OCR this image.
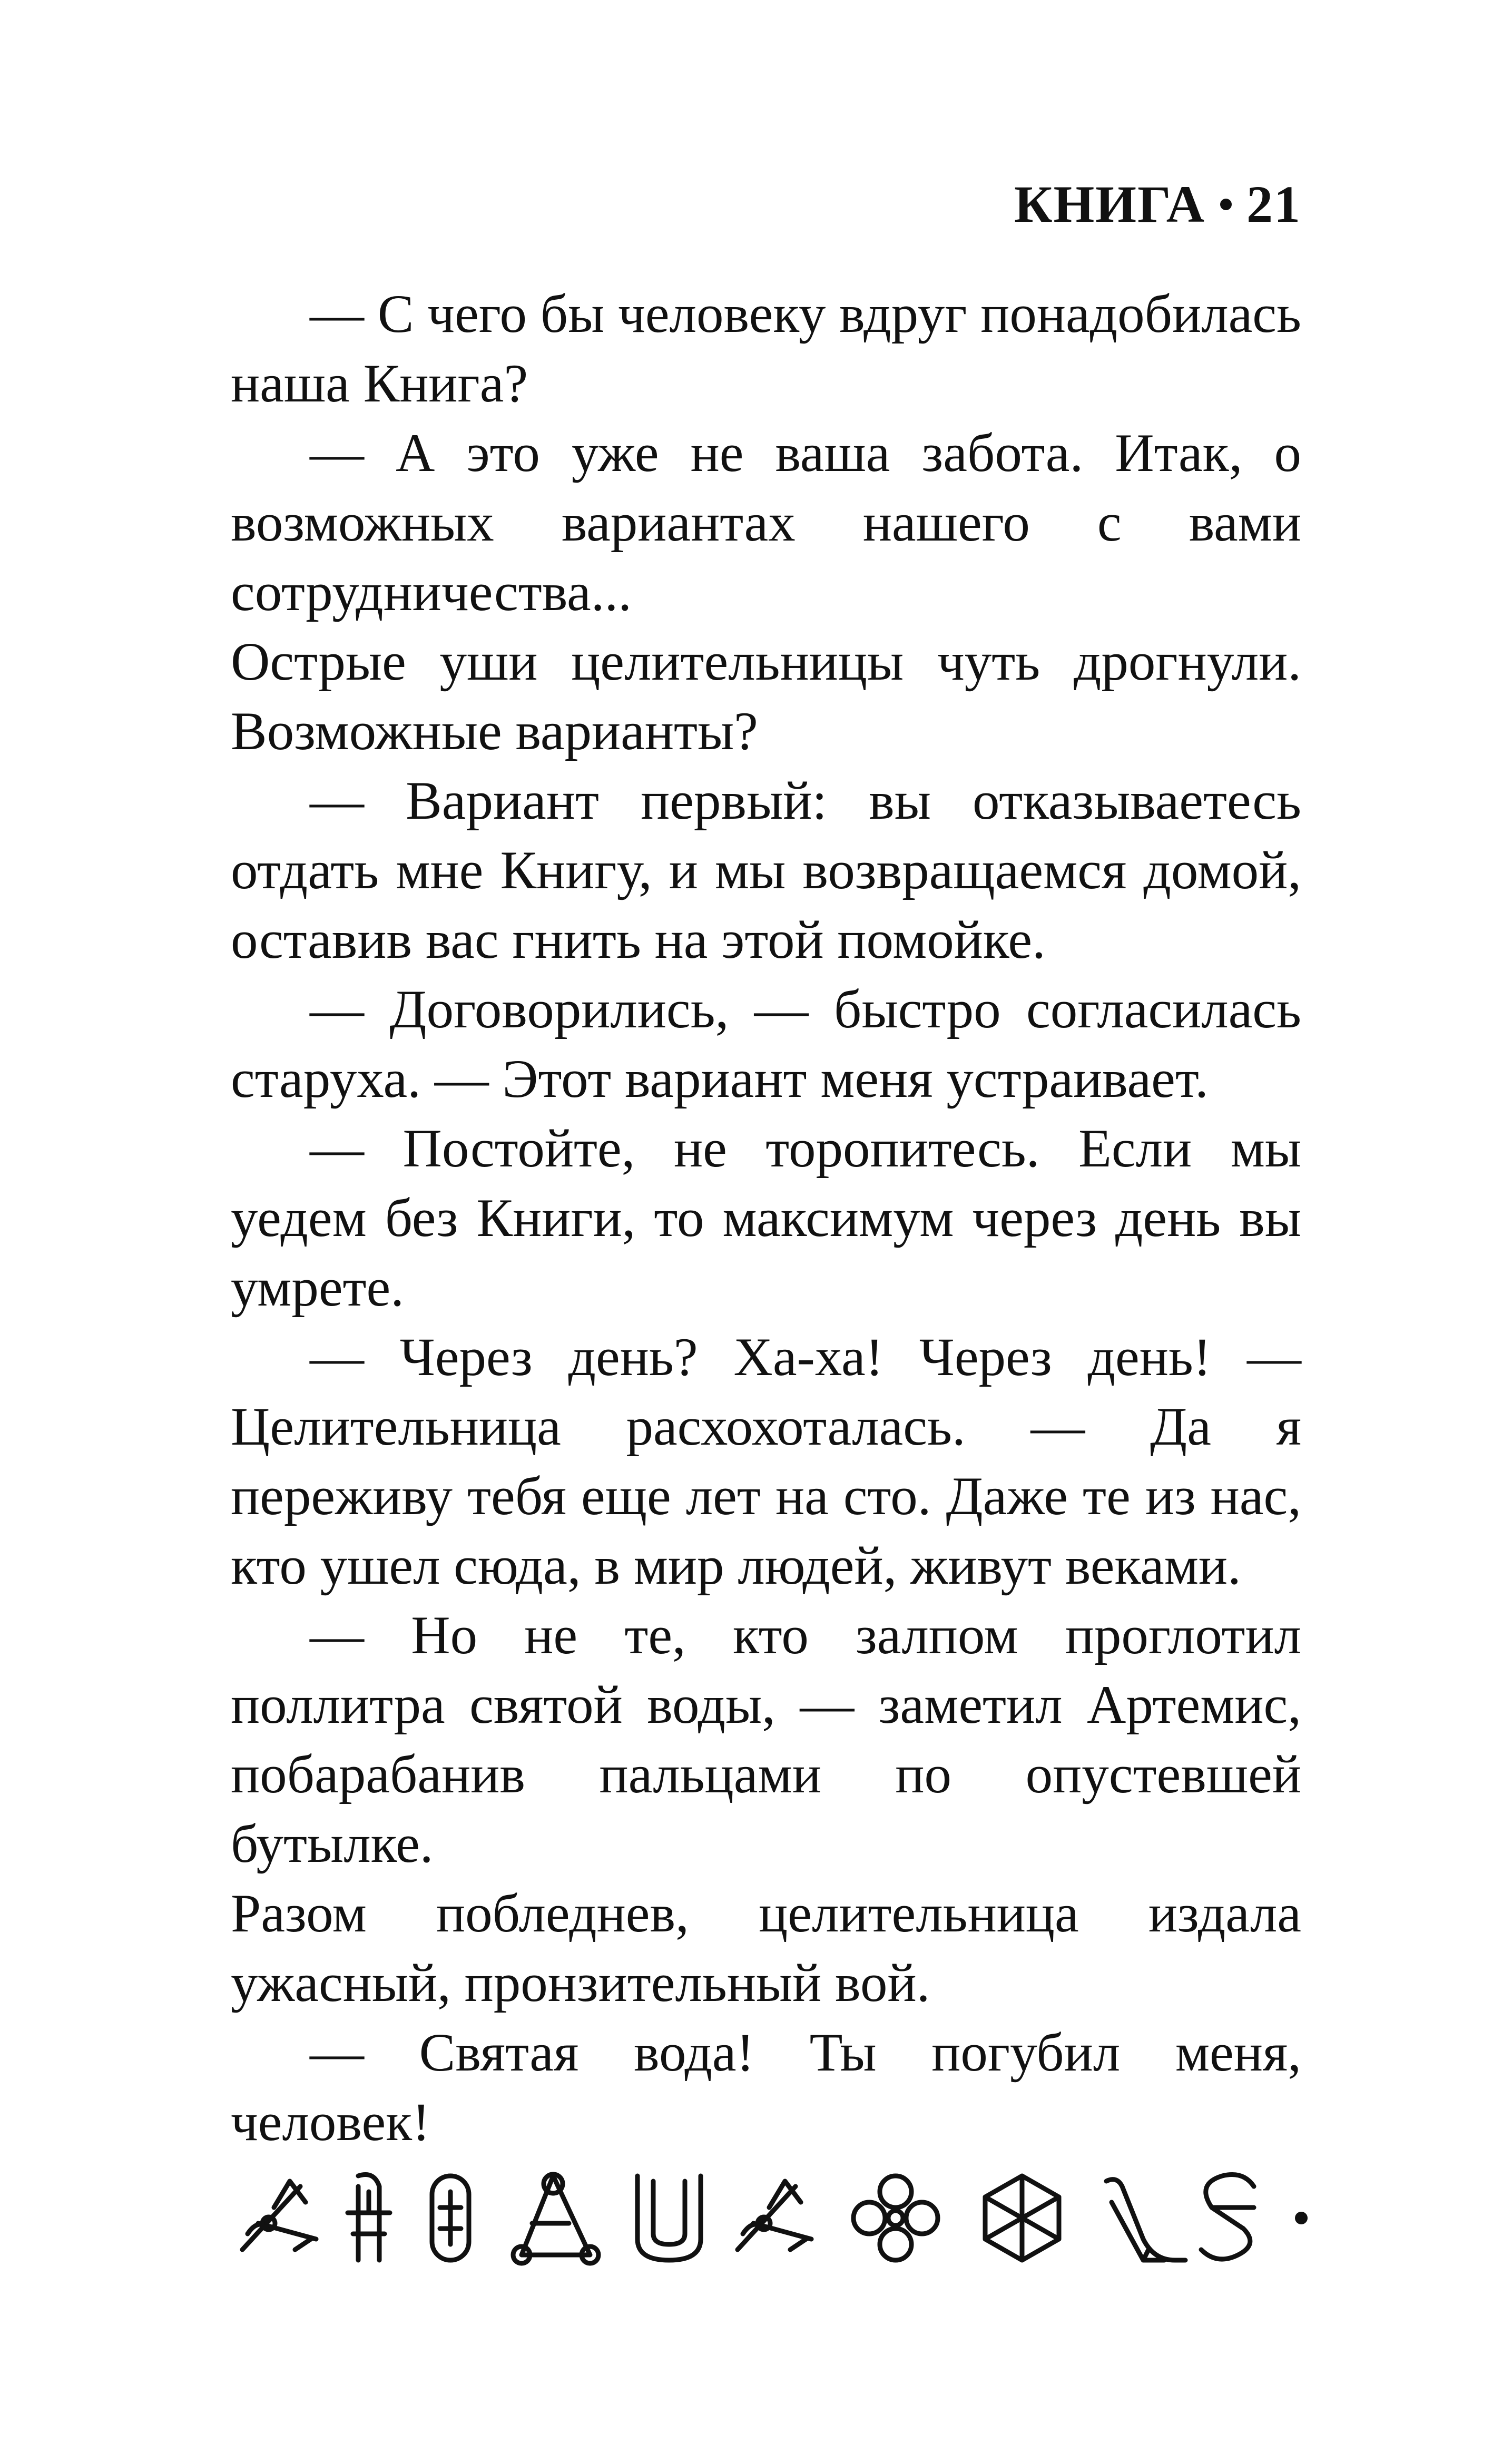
КНИГА 21

— С чего бы человеку вдруг понадобилась наша Книга?

— А это уже не ваша забота. Итак, о возможных вариантах нашего с вами сотрудничества...

Острые уши целительницы чуть дрогнули. Возможные варианты?

— Вариант первый: вы отказываетесь отдать мне Книгу, и мы возвращаемся домой, оставив вас гнить на этой помойке.

— Договорились, — быстро согласилась старуха. — Этот вариант меня устраивает.

— Постойте, не торопитесь. Если мы уедем без Книги, то максимум через день вы умрете.

— Через день? Ха-ха! Через день! — Целительница расхохоталась. — Да я переживу тебя еще лет на сто. Даже те из нас, кто ушел сюда, в мир людей, живут веками.

— Но не те, кто залпом проглотил поллитра святой воды, — заметил Артемис, побарабанив пальцами по опустевшей бутылке.

Разом побледнев, целительница издала ужасный, пронзительный вой.

— Святая вода! Ты погубил меня, человек!
